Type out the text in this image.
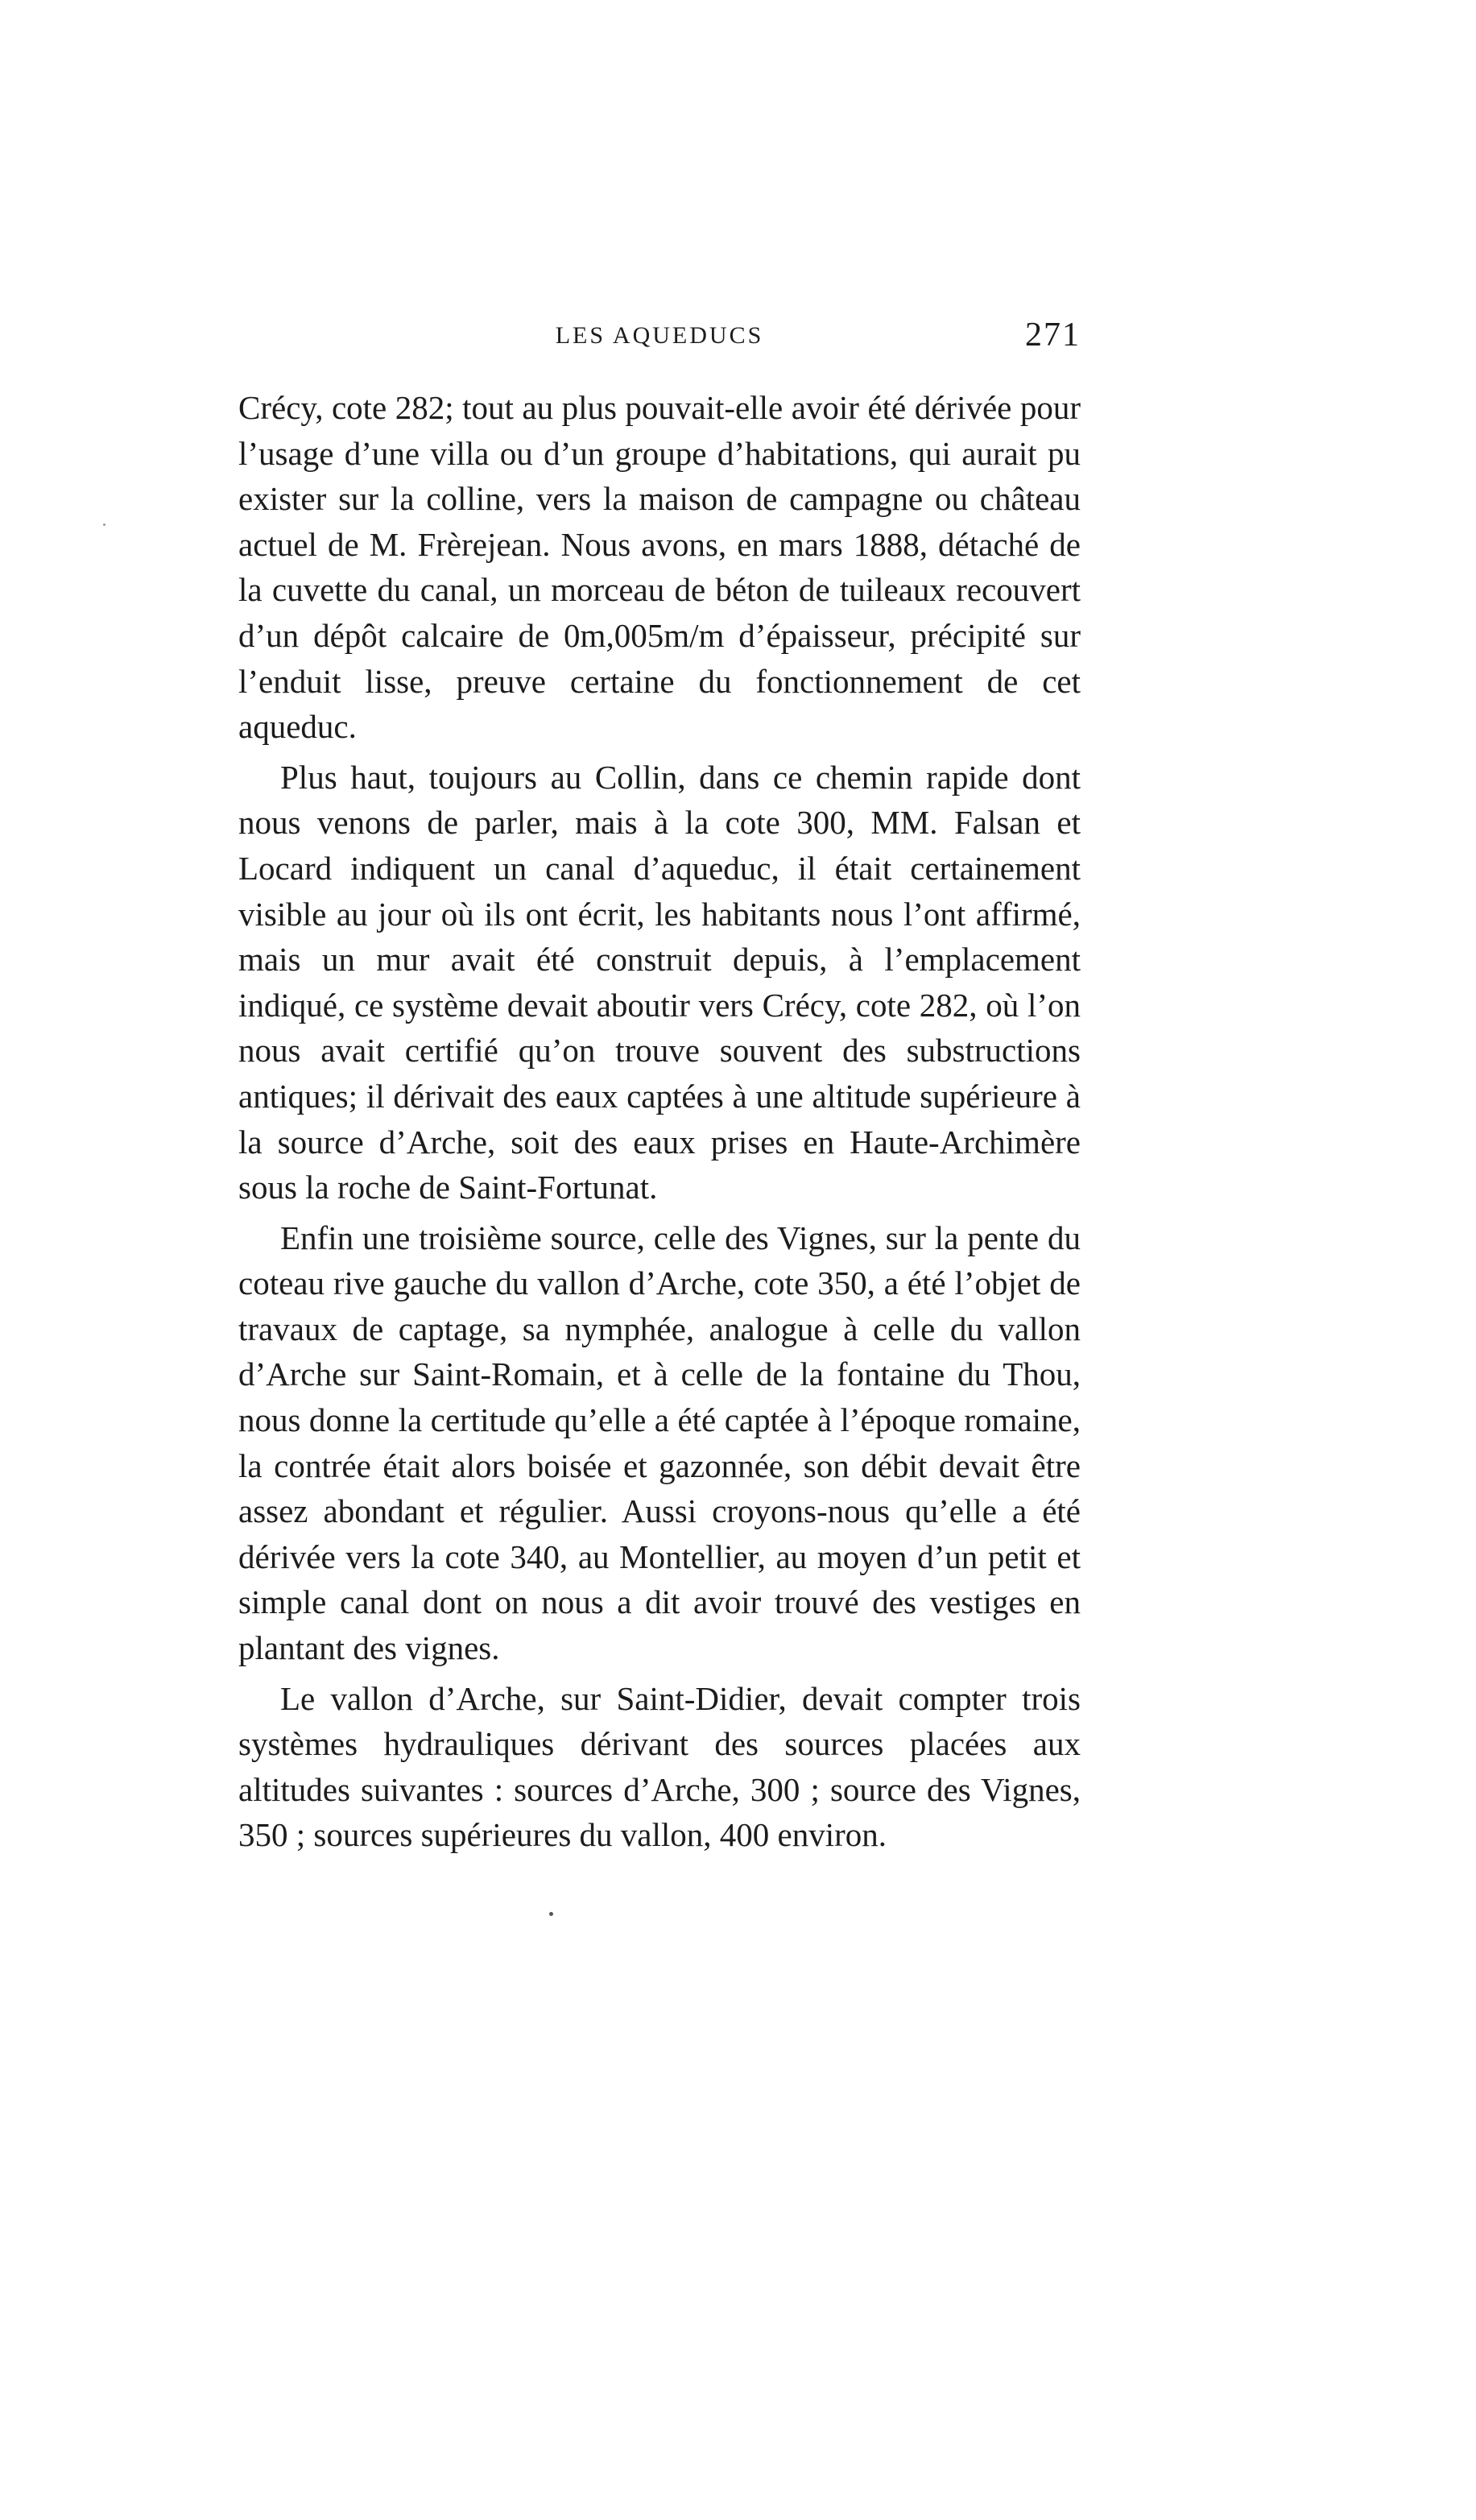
LES AQUEDUCS	271

Crécy, cote 282; tout au plus pouvait-elle avoir été dérivée pour l’usage d’une villa ou d’un groupe d’habitations, qui aurait pu exister sur la colline, vers la maison de campagne ou château actuel de M. Frèrejean. Nous avons, en mars 1888, détaché de la cuvette du canal, un morceau de béton de tuileaux recouvert d’un dépôt calcaire de 0m,005m/m d’épaisseur, précipité sur l’enduit lisse, preuve certaine du fonctionnement de cet aqueduc.

Plus haut, toujours au Collin, dans ce chemin rapide dont nous venons de parler, mais à la cote 300, MM. Falsan et Locard indiquent un canal d’aqueduc, il était certainement visible au jour où ils ont écrit, les habitants nous l’ont affirmé, mais un mur avait été construit depuis, à l’emplacement indiqué, ce système devait aboutir vers Crécy, cote 282, où l’on nous avait certifié qu’on trouve souvent des substructions antiques; il dérivait des eaux captées à une altitude supérieure à la source d’Arche, soit des eaux prises en Haute-Archimère sous la roche de Saint-Fortunat.

Enfin une troisième source, celle des Vignes, sur la pente du coteau rive gauche du vallon d’Arche, cote 350, a été l’objet de travaux de captage, sa nymphée, analogue à celle du vallon d’Arche sur Saint-Romain, et à celle de la fontaine du Thou, nous donne la certitude qu’elle a été captée à l’époque romaine, la contrée était alors boisée et gazonnée, son débit devait être assez abondant et régulier. Aussi croyons-nous qu’elle a été dérivée vers la cote 340, au Montellier, au moyen d’un petit et simple canal dont on nous a dit avoir trouvé des vestiges en plantant des vignes.

Le vallon d’Arche, sur Saint-Didier, devait compter trois systèmes hydrauliques dérivant des sources placées aux altitudes suivantes : sources d’Arche, 300 ; source des Vignes, 350 ; sources supérieures du vallon, 400 environ.
